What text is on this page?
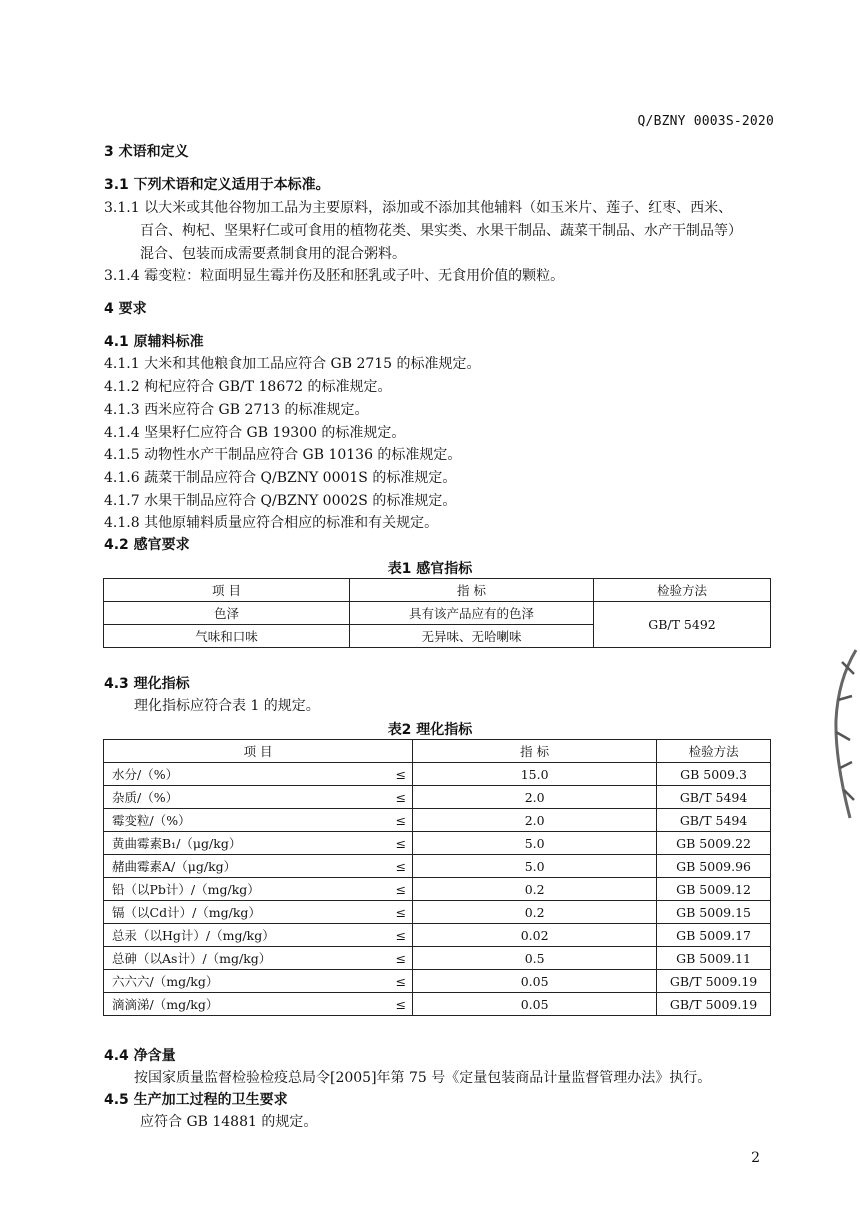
Q/BZNY 0003S-2020
3 术语和定义
3.1 下列术语和定义适用于本标准。
3.1.1 以大米或其他谷物加工品为主要原料，添加或不添加其他辅料（如玉米片、莲子、红枣、西米、
百合、枸杞、坚果籽仁或可食用的植物花类、果实类、水果干制品、蔬菜干制品、水产干制品等）
混合、包装而成需要煮制食用的混合粥料。
3.1.4 霉变粒：粒面明显生霉并伤及胚和胚乳或子叶、无食用价值的颗粒。
4 要求
4.1 原辅料标准
4.1.1 大米和其他粮食加工品应符合 GB 2715 的标准规定。
4.1.2 枸杞应符合 GB/T 18672 的标准规定。
4.1.3 西米应符合 GB 2713 的标准规定。
4.1.4 坚果籽仁应符合 GB 19300 的标准规定。
4.1.5 动物性水产干制品应符合 GB 10136 的标准规定。
4.1.6 蔬菜干制品应符合 Q/BZNY 0001S 的标准规定。
4.1.7 水果干制品应符合 Q/BZNY 0002S 的标准规定。
4.1.8 其他原辅料质量应符合相应的标准和有关规定。
4.2 感官要求
表1 感官指标
项 目	指 标	检验方法
色泽	具有该产品应有的色泽	GB/T 5492
气味和口味	无异味、无哈喇味	
4.3 理化指标
理化指标应符合表 1 的规定。
表2 理化指标
项 目		指 标	检验方法
水分/（%）	≤	15.0	GB 5009.3
杂质/（%）	≤	2.0	GB/T 5494
霉变粒/（%）	≤	2.0	GB/T 5494
黄曲霉素B₁/（μg/kg）	≤	5.0	GB 5009.22
赭曲霉素A/（μg/kg）	≤	5.0	GB 5009.96
铅（以Pb计）/（mg/kg）	≤	0.2	GB 5009.12
镉（以Cd计）/（mg/kg）	≤	0.2	GB 5009.15
总汞（以Hg计）/（mg/kg）	≤	0.02	GB 5009.17
总砷（以As计）/（mg/kg）	≤	0.5	GB 5009.11
六六六/（mg/kg）	≤	0.05	GB/T 5009.19
滴滴涕/（mg/kg）	≤	0.05	GB/T 5009.19
4.4 净含量
按国家质量监督检验检疫总局令[2005]年第 75 号《定量包装商品计量监督管理办法》执行。
4.5 生产加工过程的卫生要求
应符合 GB 14881 的规定。
2
